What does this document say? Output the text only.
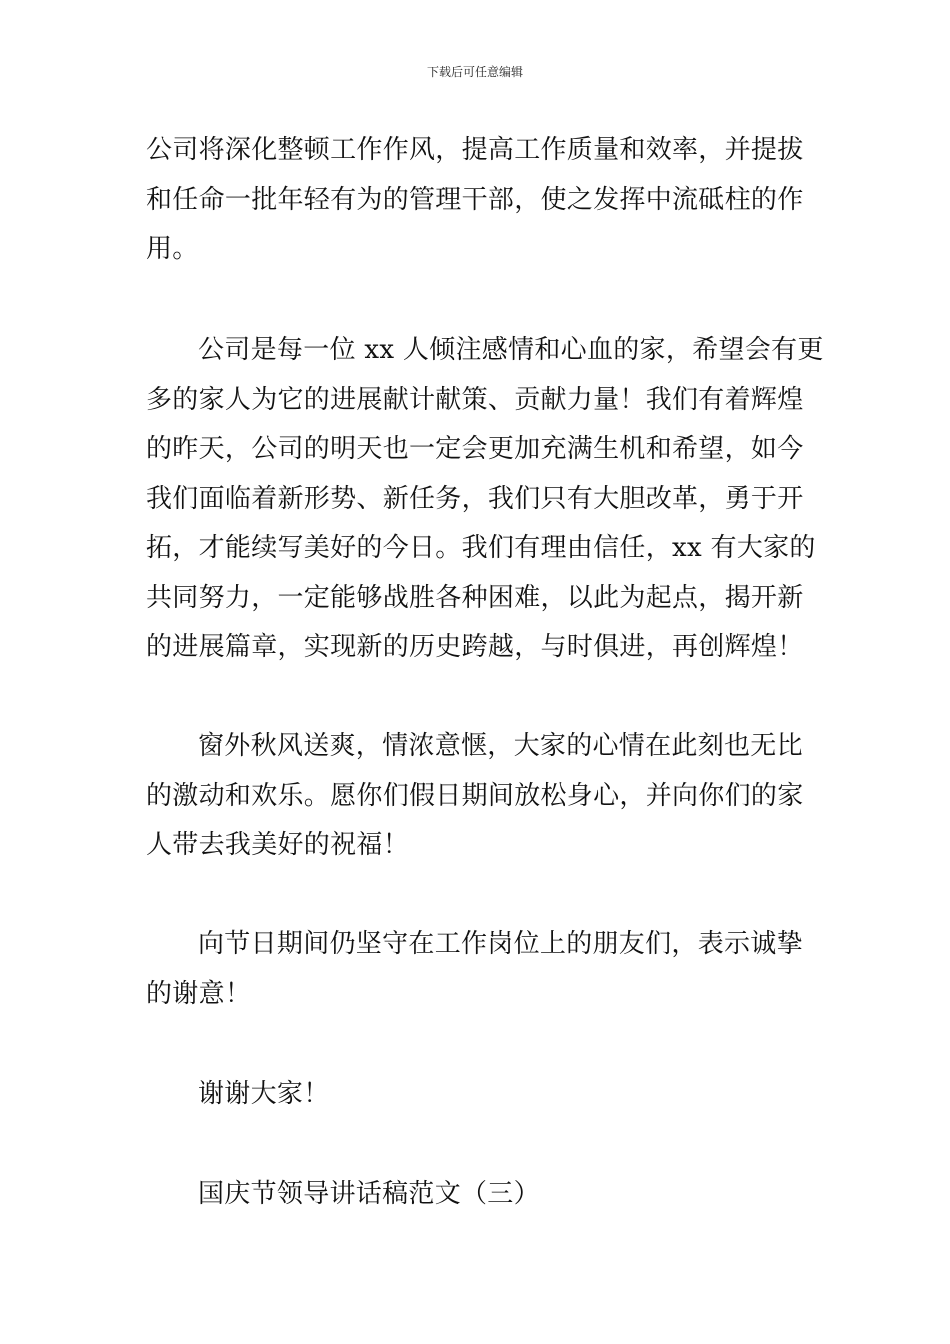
下载后可任意编辑
公司将深化整顿工作作风，提高工作质量和效率，并提拔
和任命一批年轻有为的管理干部，使之发挥中流砥柱的作
用。
公司是每一位 xx 人倾注感情和心血的家，希望会有更
多的家人为它的进展献计献策、贡献力量！我们有着辉煌
的昨天，公司的明天也一定会更加充满生机和希望，如今
我们面临着新形势、新任务，我们只有大胆改革，勇于开
拓，才能续写美好的今日。我们有理由信任，xx 有大家的
共同努力，一定能够战胜各种困难，以此为起点，揭开新
的进展篇章，实现新的历史跨越，与时俱进，再创辉煌！
窗外秋风送爽，情浓意惬，大家的心情在此刻也无比
的激动和欢乐。愿你们假日期间放松身心，并向你们的家
人带去我美好的祝福！
向节日期间仍坚守在工作岗位上的朋友们，表示诚挚
的谢意！
谢谢大家！
国庆节领导讲话稿范文（三）
